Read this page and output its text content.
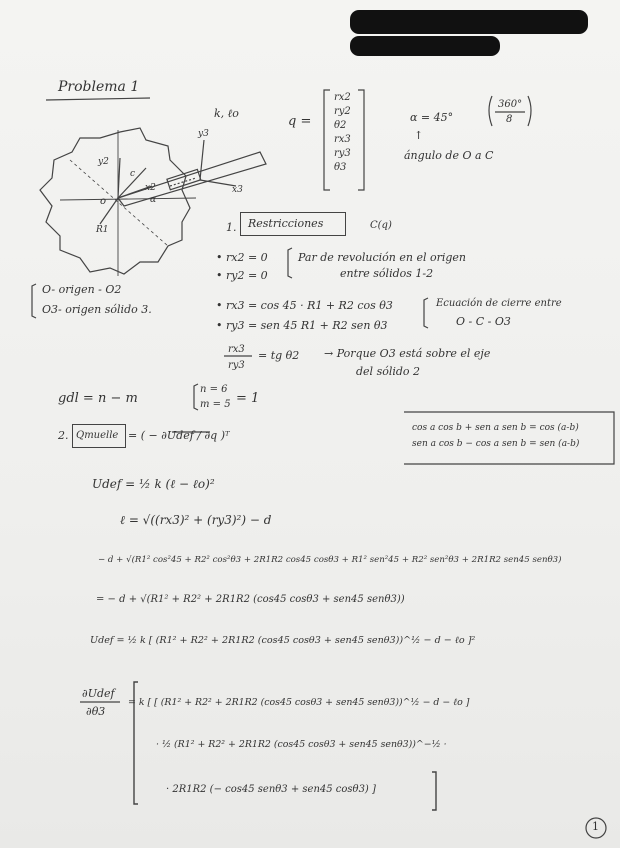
Problema 1
y2
c
x2
y3
x3
R1
o	α
k, ℓo
q =
rx2
ry2
θ2
rx3
ry3
θ3
α = 45°
360°
8
↑
ángulo de O a C
O- origen - O2
O3- origen sólido 3.
1. Restricciones	C(q)
• rx2 = 0
• ry2 = 0
Par de revolución en el origen
entre sólidos 1-2
• rx3 = cos 45 · R1 + R2 cos θ3
• ry3 = sen 45 R1 + R2 sen θ3
Ecuación de cierre entre
O - C - O3
rx3
ry3
= tg θ2 → Porque O3 está sobre el eje
del sólido 2
gdl = n − m
n = 6
m = 5 = 1
cos a cos b + sen a sen b = cos (a-b)
sen a cos b − cos a sen b = sen (a-b)
2. Qmuelle = ( − ∂Udef / ∂q )ᵀ
Udef = ½ k (ℓ − ℓo)²
ℓ = √((rx3)² + (ry3)²) − d
− d + √(R1² cos²45 + R2² cos²θ3 + 2R1R2 cos45 cosθ3 + R1² sen²45 + R2² sen²θ3 + 2R1R2 sen45 senθ3)
= − d + √(R1² + R2² + 2R1R2 (cos45 cosθ3 + sen45 senθ3))
Udef = ½ k [ (R1² + R2² + 2R1R2 (cos45 cosθ3 + sen45 senθ3))^½ − d − ℓo ]²
∂Udef
∂θ3
= k [ [ (R1² + R2² + 2R1R2 (cos45 cosθ3 + sen45 senθ3))^½ − d − ℓo ]
· ½ (R1² + R2² + 2R1R2 (cos45 cosθ3 + sen45 senθ3))^−½ ·
· 2R1R2 (− cos45 senθ3 + sen45 cosθ3) ]
1
